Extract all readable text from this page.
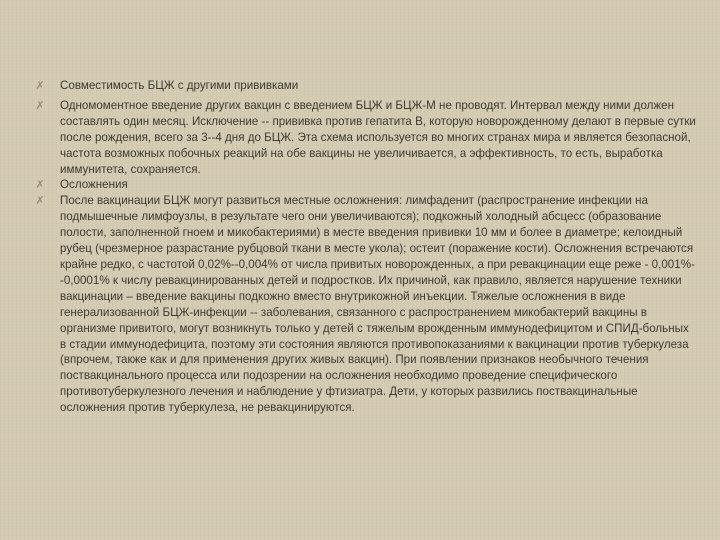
✗ Совместимость БЦЖ с другими прививками
✗ Одномоментное введение других вакцин с введением БЦЖ и БЦЖ-М не проводят. Интервал между ними должен составлять один месяц. Исключение -- прививка против гепатита В, которую новорожденному делают в первые сутки после рождения, всего за 3--4 дня до БЦЖ. Эта схема используется во многих странах мира и является безопасной, частота возможных побочных реакций на обе вакцины не увеличивается, а эффективность, то есть, выработка иммунитета, сохраняется.
✗ Осложнения
✗ После вакцинации БЦЖ могут развиться местные осложнения: лимфаденит (распространение инфекции на подмышечные лимфоузлы, в результате чего они увеличиваются); подкожный холодный абсцесс (образование полости, заполненной гноем и микобактериями) в месте введения прививки 10 мм и более в диаметре; келоидный рубец (чрезмерное разрастание рубцовой ткани в месте укола); остеит (поражение кости). Осложнения встречаются крайне редко, с частотой 0,02%--0,004% от числа привитых новорожденных, а при ревакцинации еще реже - 0,001%--0,0001% к числу ревакцинированных детей и подростков. Их причиной, как правило, является нарушение техники вакцинации – введение вакцины подкожно вместо внутрикожной инъекции. Тяжелые осложнения в виде генерализованной БЦЖ-инфекции -- заболевания, связанного с распространением микобактерий вакцины в организме привитого, могут возникнуть только у детей с тяжелым врожденным иммунодефицитом и СПИД-больных в стадии иммунодефицита, поэтому эти состояния являются противопоказаниями к вакцинации против туберкулеза (впрочем, также как и для применения других живых вакцин). При появлении признаков необычного течения поствакцинального процесса или подозрении на осложнения необходимо проведение специфического противотуберкулезного лечения и наблюдение у фтизиатра. Дети, у которых развились поствакцинальные осложнения против туберкулеза, не ревакцинируются.
